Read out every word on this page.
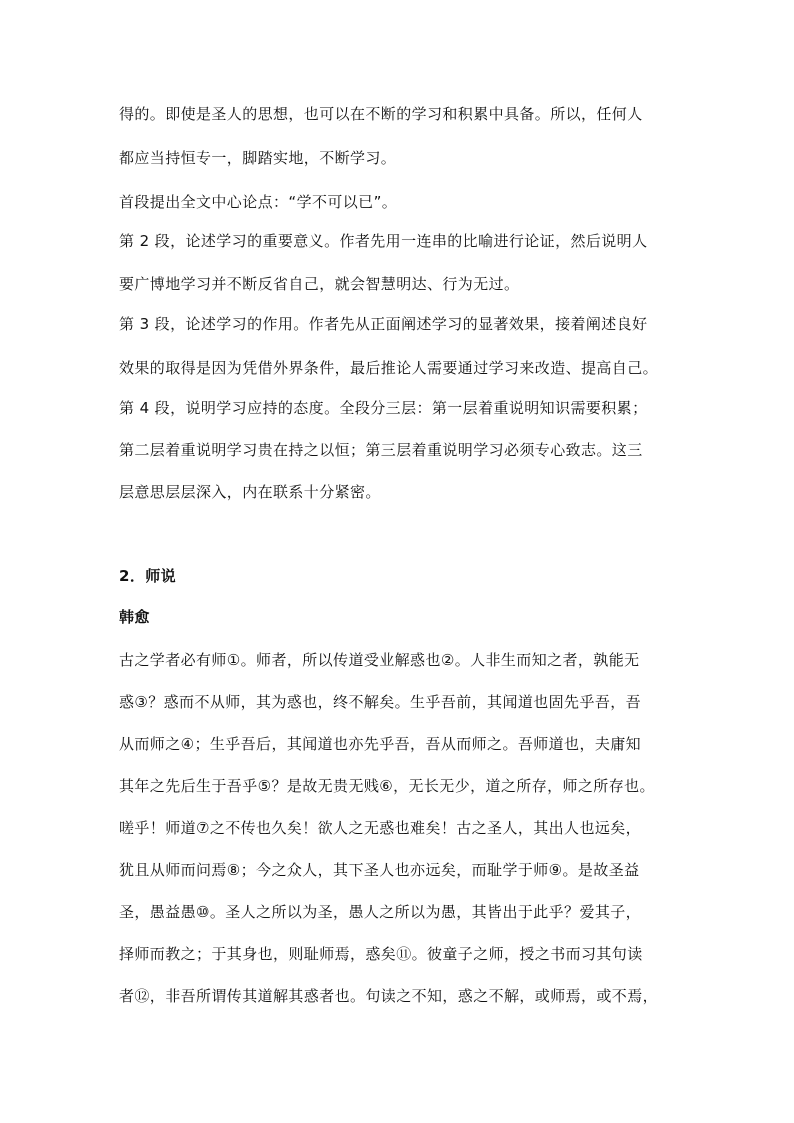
得的。即使是圣人的思想，也可以在不断的学习和积累中具备。所以，任何人
都应当持恒专一，脚踏实地，不断学习。
首段提出全文中心论点：“学不可以已”。
第 2 段，论述学习的重要意义。作者先用一连串的比喻进行论证，然后说明人
要广博地学习并不断反省自己，就会智慧明达、行为无过。
第 3 段，论述学习的作用。作者先从正面阐述学习的显著效果，接着阐述良好
效果的取得是因为凭借外界条件，最后推论人需要通过学习来改造、提高自己。
第 4 段，说明学习应持的态度。全段分三层：第一层着重说明知识需要积累；
第二层着重说明学习贵在持之以恒；第三层着重说明学习必须专心致志。这三
层意思层层深入，内在联系十分紧密。
2．师说
韩愈
古之学者必有师①。师者，所以传道受业解惑也②。人非生而知之者，孰能无
惑③？惑而不从师，其为惑也，终不解矣。生乎吾前，其闻道也固先乎吾，吾
从而师之④；生乎吾后，其闻道也亦先乎吾，吾从而师之。吾师道也，夫庸知
其年之先后生于吾乎⑤？是故无贵无贱⑥，无长无少，道之所存，师之所存也。
嗟乎！师道⑦之不传也久矣！欲人之无惑也难矣！古之圣人，其出人也远矣，
犹且从师而问焉⑧；今之众人，其下圣人也亦远矣，而耻学于师⑨。是故圣益
圣，愚益愚⑩。圣人之所以为圣，愚人之所以为愚，其皆出于此乎？爱其子，
择师而教之；于其身也，则耻师焉，惑矣⑪。彼童子之师，授之书而习其句读
者⑫，非吾所谓传其道解其惑者也。句读之不知，惑之不解，或师焉，或不焉，
